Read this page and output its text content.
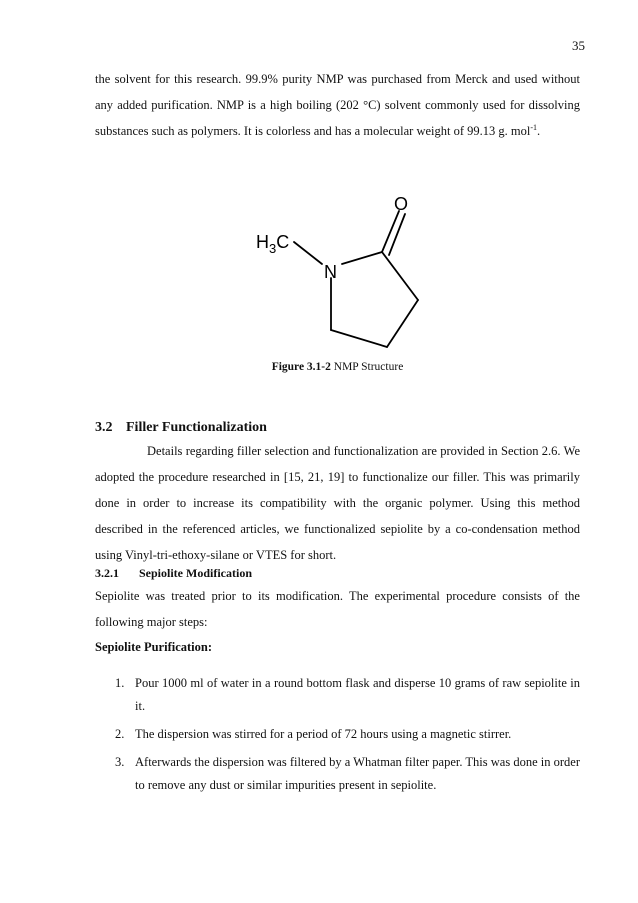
35

the solvent for this research. 99.9% purity NMP was purchased from Merck and used without any added purification. NMP is a high boiling (202 °C) solvent commonly used for dissolving substances such as polymers. It is colorless and has a molecular weight of 99.13 g. mol$^{-1}$.

O
N
$H_3C$
Figure 3.1-2 NMP Structure
3.2 Filler Functionalization

Details regarding filler selection and functionalization are provided in Section 2.6. We adopted the procedure researched in [15, 21, 19] to functionalize our filler. This was primarily done in order to increase its compatibility with the organic polymer. Using this method described in the referenced articles, we functionalized sepiolite by a co-condensation method using Vinyl-tri-ethoxy-silane or VTES for short.

3.2.1 Sepiolite Modification

Sepiolite was treated prior to its modification. The experimental procedure consists of the following major steps:

Sepiolite Purification:
1. Pour 1000 ml of water in a round bottom flask and disperse 10 grams of raw sepiolite in it.
2. The dispersion was stirred for a period of 72 hours using a magnetic stirrer.
3. Afterwards the dispersion was filtered by a Whatman filter paper. This was done in order to remove any dust or similar impurities present in sepiolite.
